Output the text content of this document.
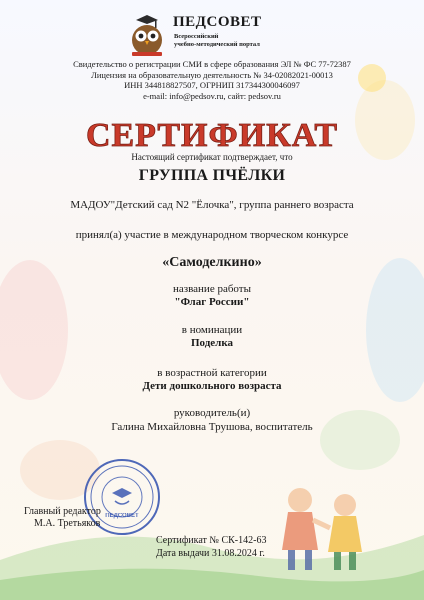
ПЕДСОВЕТ
Всероссийский
учебно-методический портал
Свидетельство о регистрации СМИ в сфере образования ЭЛ № ФС 77-72387
Лицензия на образовательную деятельность № 34-02082021-00013
ИНН 344818827507, ОГРНИП 317344300046097
e-mail: info@pedsov.ru, сайт: pedsov.ru
СЕРТИФИКАТ
Настоящий сертификат подтверждает, что
ГРУППА ПЧЁЛКИ
МАДОУ"Детский сад N2 "Ёлочка", группа раннего возраста
принял(а) участие в международном творческом конкурсе
«Самоделкино»
название работы
"Флаг России"
в номинации
Поделка
в возрастной категории
Дети дошкольного возраста
руководитель(и)
Галина Михайловна Трушова, воспитатель
ПЕДСОВЕТ
Главный редактор
М.А. Третьяков
Сертификат № СК-142-63
Дата выдачи 31.08.2024 г.
